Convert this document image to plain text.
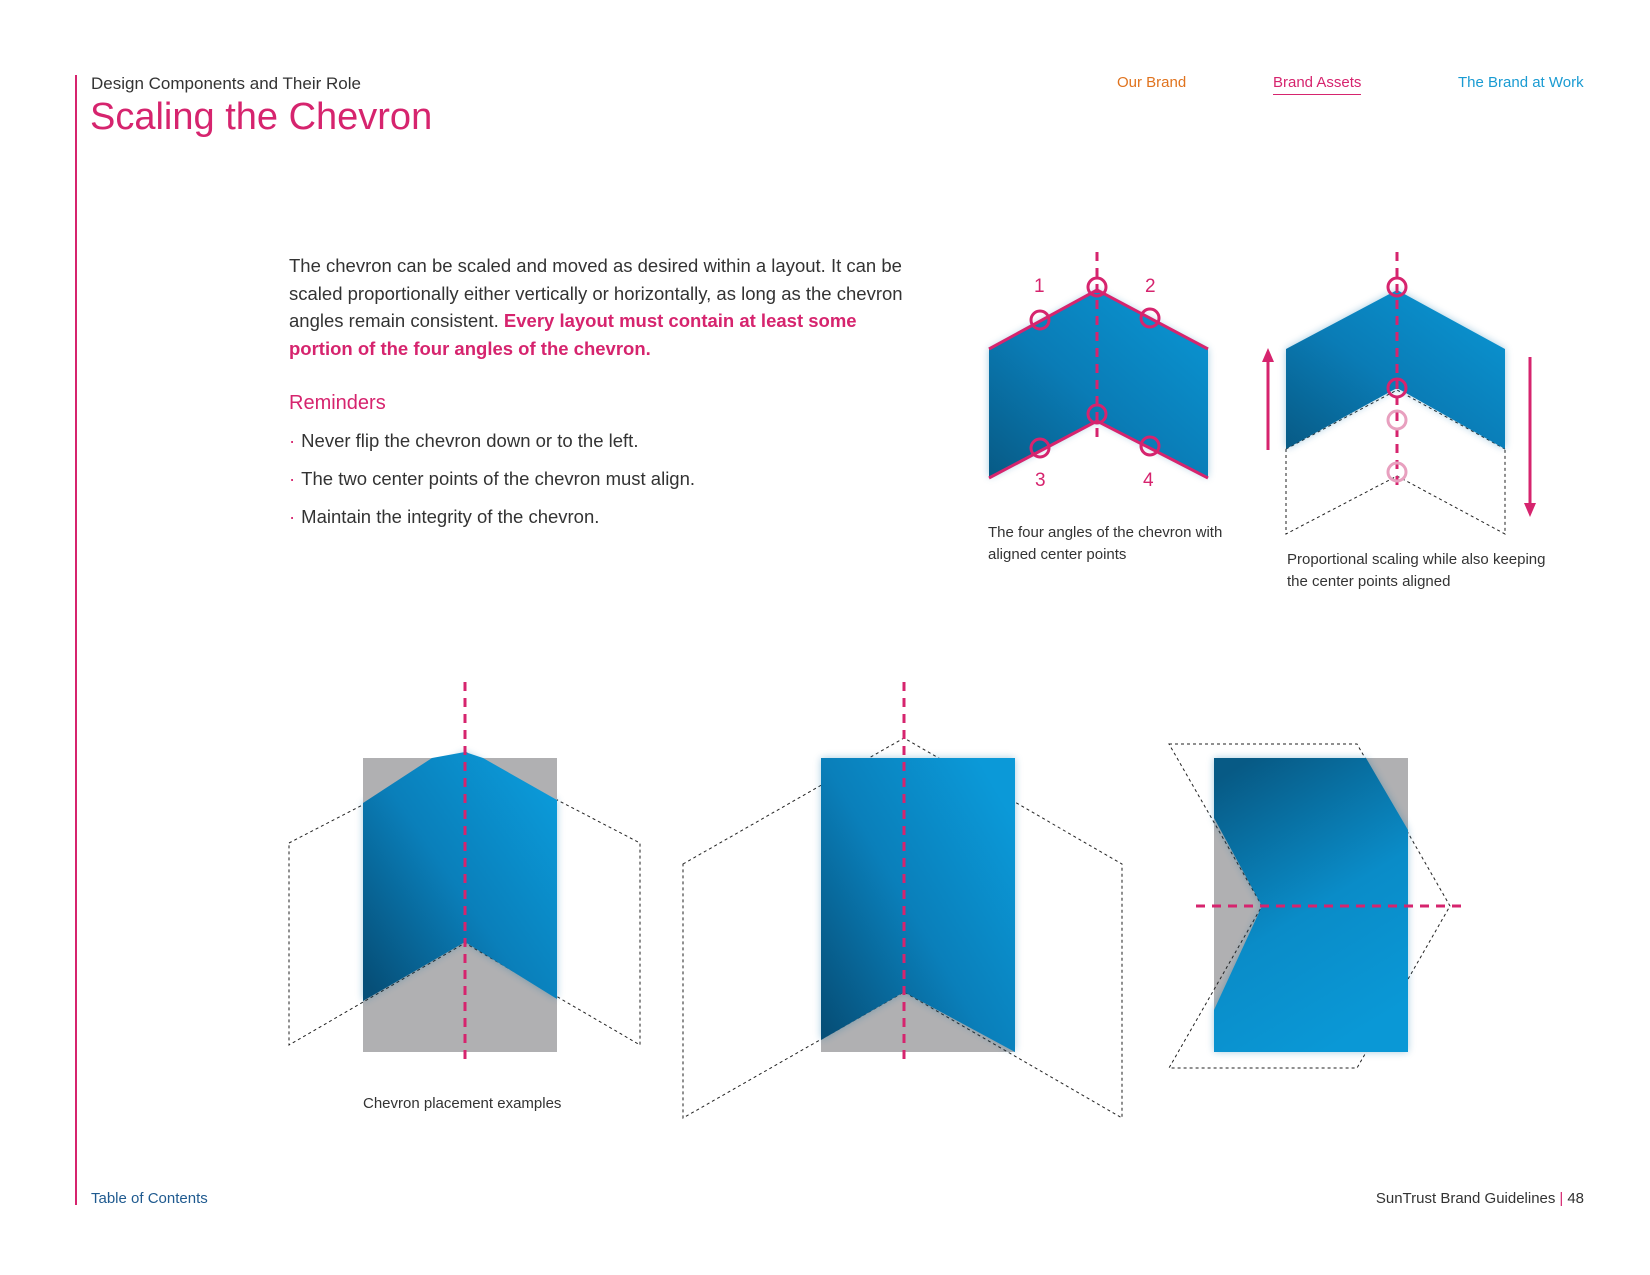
Design Components and Their Role
Scaling the Chevron
Our Brand	Brand Assets	The Brand at Work
The chevron can be scaled and moved as desired within a layout. It can be scaled proportionally either vertically or horizontally, as long as the chevron angles remain consistent. Every layout must contain at least some portion of the four angles of the chevron.
Reminders
· Never flip the chevron down or to the left.
· The two center points of the chevron must align.
· Maintain the integrity of the chevron.
1	2
3	4
The four angles of the chevron with aligned center points	Proportional scaling while also keeping the center points aligned
Chevron placement examples
Table of Contents	SunTrust Brand Guidelines | 48
